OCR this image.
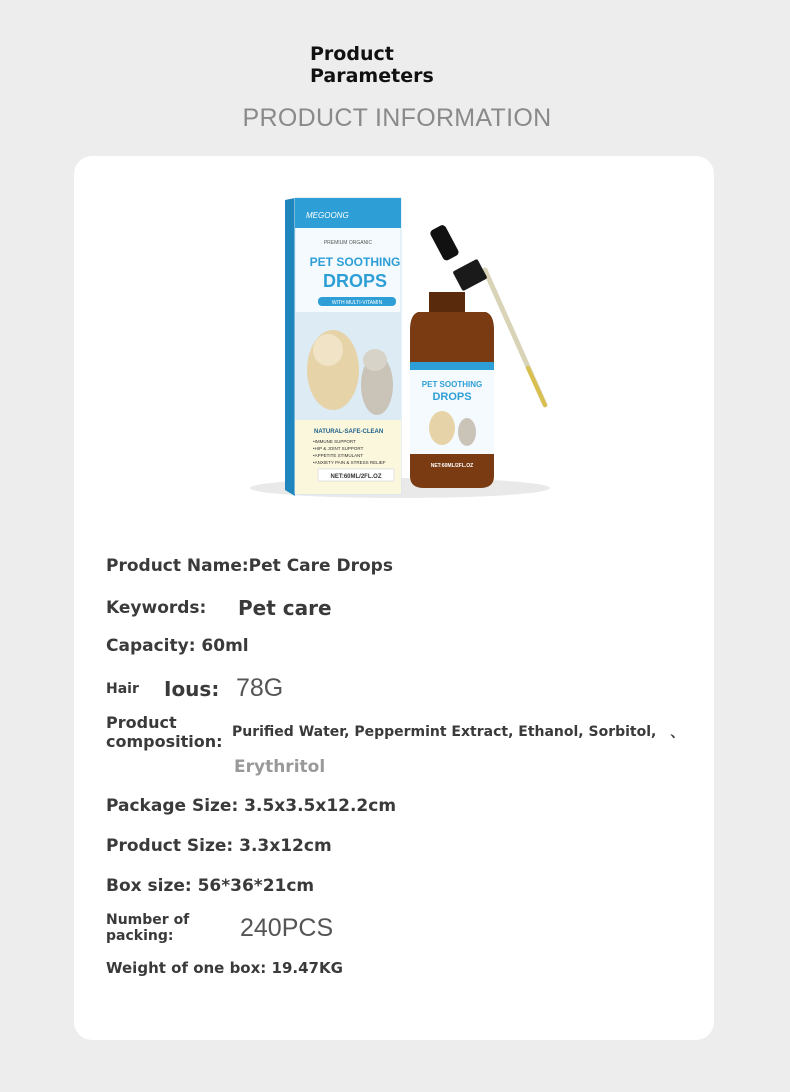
Product
Parameters
PRODUCT INFORMATION
MEGOONG
PREMIUM ORGANIC
PET SOOTHING
DROPS
WITH MULTI-VITAMIN
NATURAL-SAFE-CLEAN
•IMMUNE SUPPORT
•HIP & JOINT SUPPORT
•APPETITE STIMULANT
•ANXIETY PAIN & STRESS RELIEF
NET:60ML/2FL.OZ
PET SOOTHING
DROPS
NET:60ML/2FL.OZ
Product Name:Pet Care Drops
Keywords: Pet care
Capacity: 60ml
Hair Ious: 78G
Product
composition: Purified Water, Peppermint Extract, Ethanol, Sorbitol, 、
Erythritol
Package Size: 3.5x3.5x12.2cm
Product Size: 3.3x12cm
Box size: 56*36*21cm
Number of
packing:	240PCS
Weight of one box: 19.47KG
